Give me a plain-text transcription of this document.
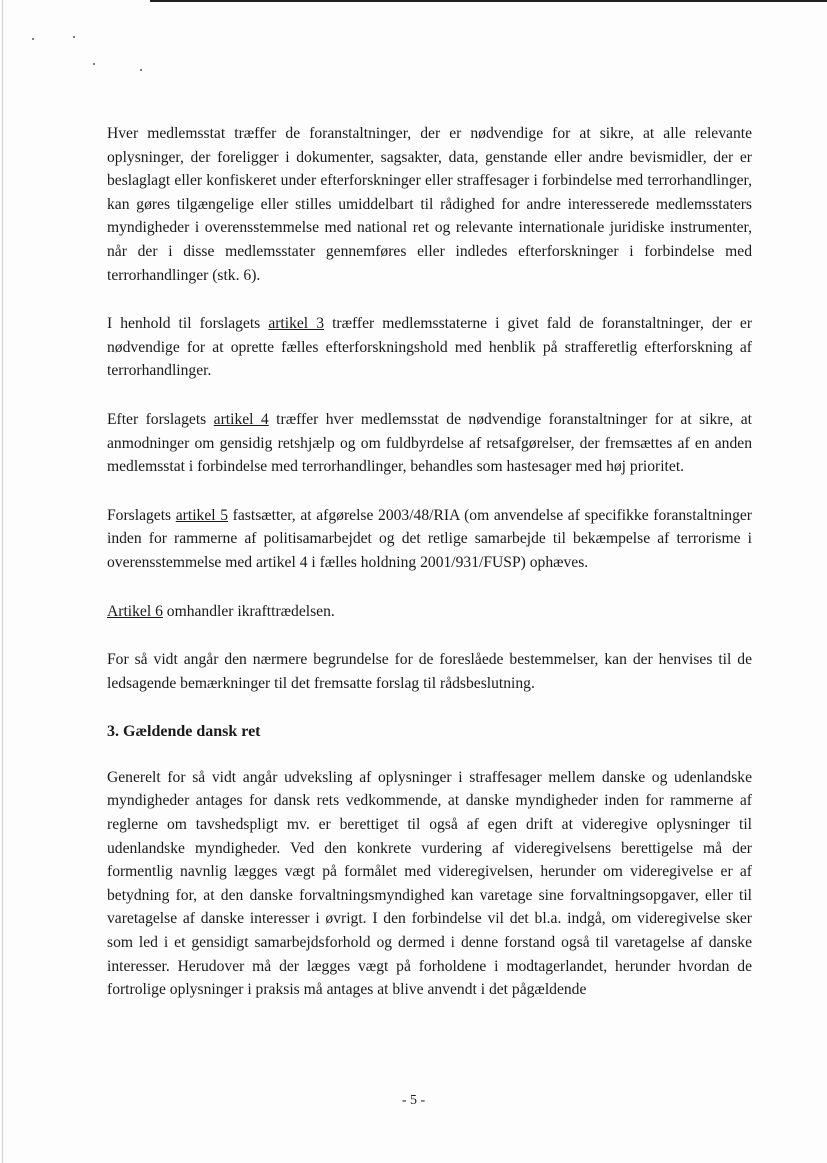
Hver medlemsstat træffer de foranstaltninger, der er nødvendige for at sikre, at alle relevante oplysninger, der foreligger i dokumenter, sagsakter, data, genstande eller andre bevismidler, der er beslaglagt eller konfiskeret under efterforskninger eller straffesager i forbindelse med terrorhandlinger, kan gøres tilgængelige eller stilles umiddelbart til rådighed for andre interesserede medlemsstaters myndigheder i overensstemmelse med national ret og relevante internationale juridiske instrumenter, når der i disse medlemsstater gennemføres eller indledes efterforskninger i forbindelse med terrorhandlinger (stk. 6).

I henhold til forslagets artikel 3 træffer medlemsstaterne i givet fald de foranstaltninger, der er nødvendige for at oprette fælles efterforskningshold med henblik på strafferetlig efterforskning af terrorhandlinger.

Efter forslagets artikel 4 træffer hver medlemsstat de nødvendige foranstaltninger for at sikre, at anmodninger om gensidig retshjælp og om fuldbyrdelse af retsafgørelser, der fremsættes af en anden medlemsstat i forbindelse med terrorhandlinger, behandles som hastesager med høj prioritet.

Forslagets artikel 5 fastsætter, at afgørelse 2003/48/RIA (om anvendelse af specifikke foranstaltninger inden for rammerne af politisamarbejdet og det retlige samarbejde til bekæmpelse af terrorisme i overensstemmelse med artikel 4 i fælles holdning 2001/931/FUSP) ophæves.

Artikel 6 omhandler ikrafttrædelsen.

For så vidt angår den nærmere begrundelse for de foreslåede bestemmelser, kan der henvises til de ledsagende bemærkninger til det fremsatte forslag til rådsbeslutning.

3. Gældende dansk ret

Generelt for så vidt angår udveksling af oplysninger i straffesager mellem danske og udenlandske myndigheder antages for dansk rets vedkommende, at danske myndigheder inden for rammerne af reglerne om tavshedspligt mv. er berettiget til også af egen drift at videregive oplysninger til udenlandske myndigheder. Ved den konkrete vurdering af videregivelsens berettigelse må der formentlig navnlig lægges vægt på formålet med videregivelsen, herunder om videregivelse er af betydning for, at den danske forvaltningsmyndighed kan varetage sine forvaltningsopgaver, eller til varetagelse af danske interesser i øvrigt. I den forbindelse vil det bl.a. indgå, om videregivelse sker som led i et gensidigt samarbejdsforhold og dermed i denne forstand også til varetagelse af danske interesser. Herudover må der lægges vægt på forholdene i modtagerlandet, herunder hvordan de fortrolige oplysninger i praksis må antages at blive anvendt i det pågældende

- 5 -
